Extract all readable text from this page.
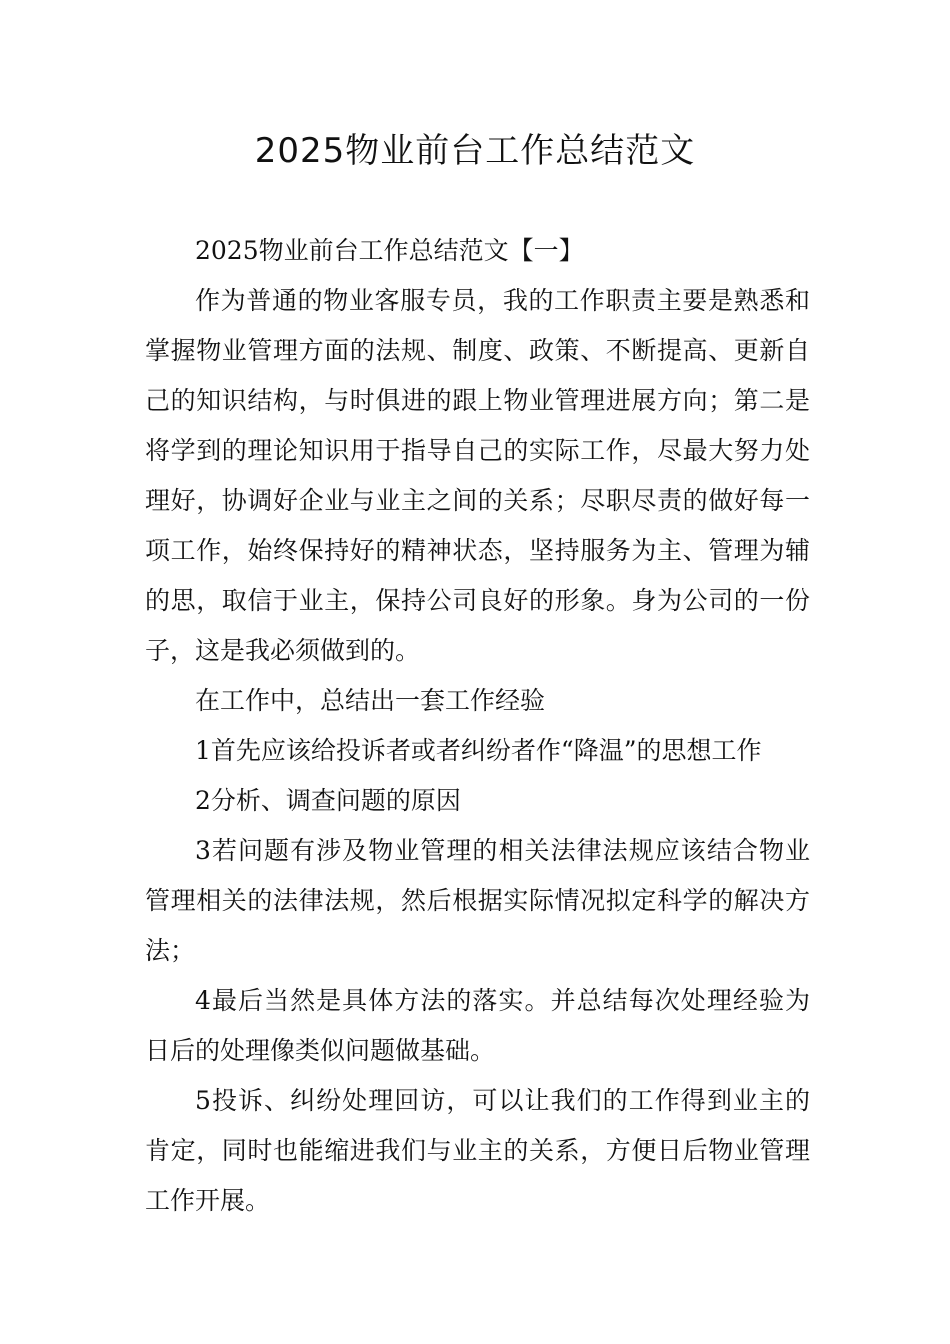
2025物业前台工作总结范文

2025物业前台工作总结范文【一】

作为普通的物业客服专员，我的工作职责主要是熟悉和掌握物业管理方面的法规、制度、政策、不断提高、更新自己的知识结构，与时俱进的跟上物业管理进展方向；第二是将学到的理论知识用于指导自己的实际工作，尽最大努力处理好，协调好企业与业主之间的关系；尽职尽责的做好每一项工作，始终保持好的精神状态，坚持服务为主、管理为辅的思，取信于业主，保持公司良好的形象。身为公司的一份子，这是我必须做到的。

在工作中，总结出一套工作经验

1首先应该给投诉者或者纠纷者作“降温”的思想工作

2分析、调查问题的原因

3若问题有涉及物业管理的相关法律法规应该结合物业管理相关的法律法规，然后根据实际情况拟定科学的解决方法；

4最后当然是具体方法的落实。并总结每次处理经验为日后的处理像类似问题做基础。

5投诉、纠纷处理回访，可以让我们的工作得到业主的肯定，同时也能缩进我们与业主的关系，方便日后物业管理工作开展。
